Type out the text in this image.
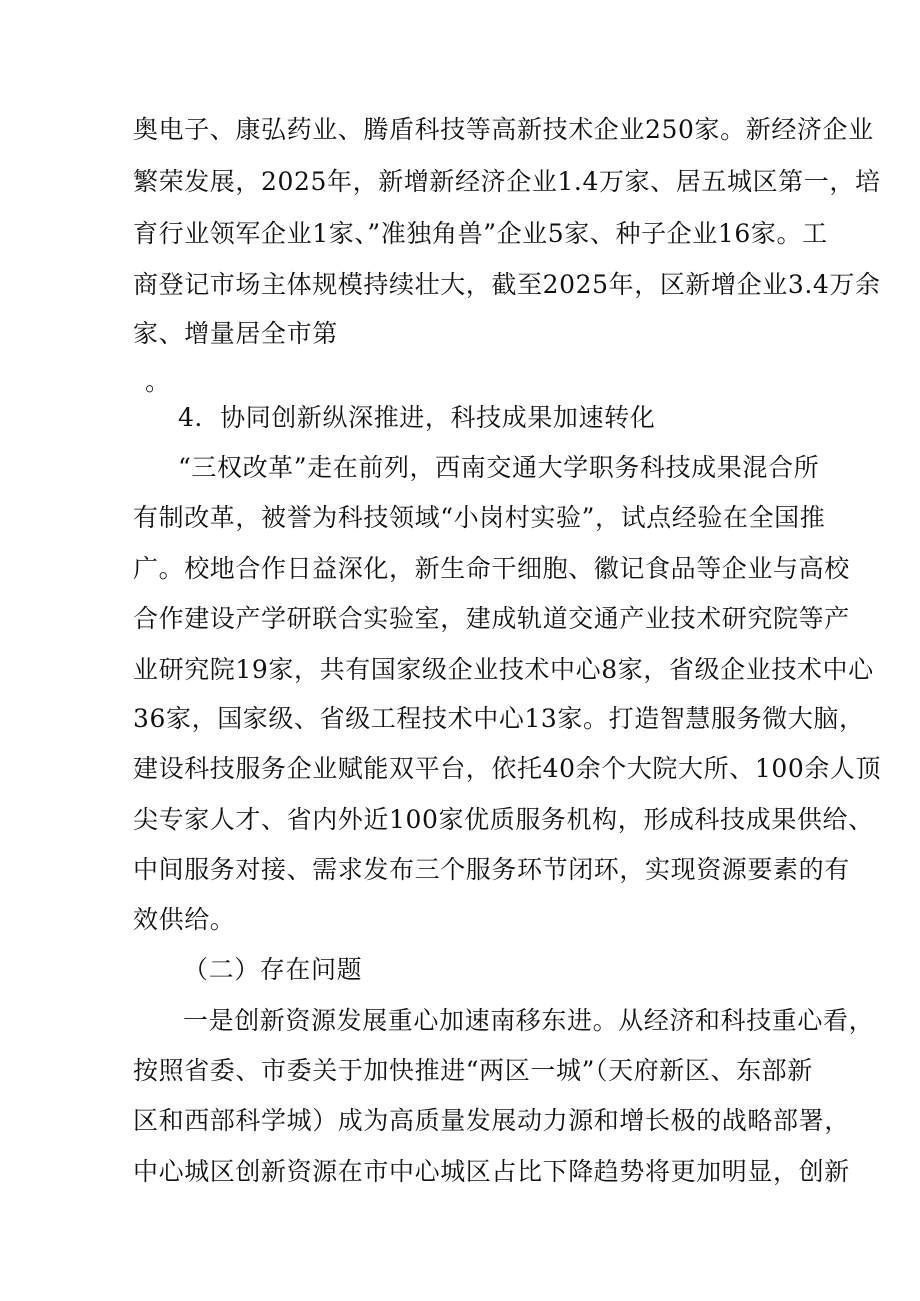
奥电子、康弘药业、腾盾科技等高新技术企业250家。新经济企业

繁荣发展，2025年，新增新经济企业1.4万家、居五城区第一，培

育行业领军企业1家、”准独角兽”企业5家、种子企业16家。工

商登记市场主体规模持续壮大，截至2025年，区新增企业3.4万余

家、增量居全市第

。

4．协同创新纵深推进，科技成果加速转化

“三权改革”走在前列，西南交通大学职务科技成果混合所

有制改革，被誉为科技领域“小岗村实验”，试点经验在全国推

广。校地合作日益深化，新生命干细胞、徽记食品等企业与高校

合作建设产学研联合实验室，建成轨道交通产业技术研究院等产

业研究院19家，共有国家级企业技术中心8家，省级企业技术中心

36家，国家级、省级工程技术中心13家。打造智慧服务微大脑，

建设科技服务企业赋能双平台，依托40余个大院大所、100余人顶

尖专家人才、省内外近100家优质服务机构，形成科技成果供给、

中间服务对接、需求发布三个服务环节闭环，实现资源要素的有

效供给。

（二）存在问题

一是创新资源发展重心加速南移东进。从经济和科技重心看，

按照省委、市委关于加快推进“两区一城”（天府新区、东部新

区和西部科学城）成为高质量发展动力源和增长极的战略部署，

中心城区创新资源在市中心城区占比下降趋势将更加明显，创新
